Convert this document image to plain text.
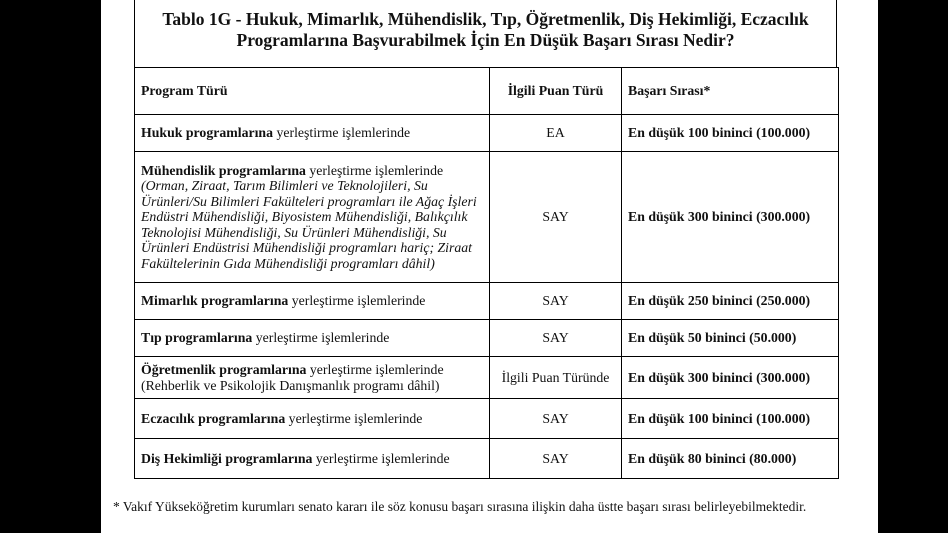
Tablo 1G - Hukuk, Mimarlık, Mühendislik, Tıp, Öğretmenlik, Diş Hekimliği, Eczacılık
Programlarına Başvurabilmek İçin En Düşük Başarı Sırası Nedir?
Program Türü	İlgili Puan Türü	Başarı Sırası*
Hukuk programlarına yerleştirme işlemlerinde	EA	En düşük 100 bininci (100.000)
Mühendislik programlarına yerleştirme işlemlerinde
(Orman, Ziraat, Tarım Bilimleri ve Teknolojileri, Su Ürünleri/Su Bilimleri Fakülteleri programları ile Ağaç İşleri Endüstri Mühendisliği, Biyosistem Mühendisliği, Balıkçılık Teknolojisi Mühendisliği, Su Ürünleri Mühendisliği, Su Ürünleri Endüstrisi Mühendisliği programları hariç; Ziraat Fakültelerinin Gıda Mühendisliği programları dâhil)	SAY	En düşük 300 bininci (300.000)
Mimarlık programlarına yerleştirme işlemlerinde	SAY	En düşük 250 bininci (250.000)
Tıp programlarına yerleştirme işlemlerinde	SAY	En düşük 50 bininci (50.000)
Öğretmenlik programlarına yerleştirme işlemlerinde
(Rehberlik ve Psikolojik Danışmanlık programı dâhil)	İlgili Puan Türünde	En düşük 300 bininci (300.000)
Eczacılık programlarına yerleştirme işlemlerinde	SAY	En düşük 100 bininci (100.000)
Diş Hekimliği programlarına yerleştirme işlemlerinde	SAY	En düşük 80 bininci (80.000)
* Vakıf Yükseköğretim kurumları senato kararı ile söz konusu başarı sırasına ilişkin daha üstte başarı sırası belirleyebilmektedir.
